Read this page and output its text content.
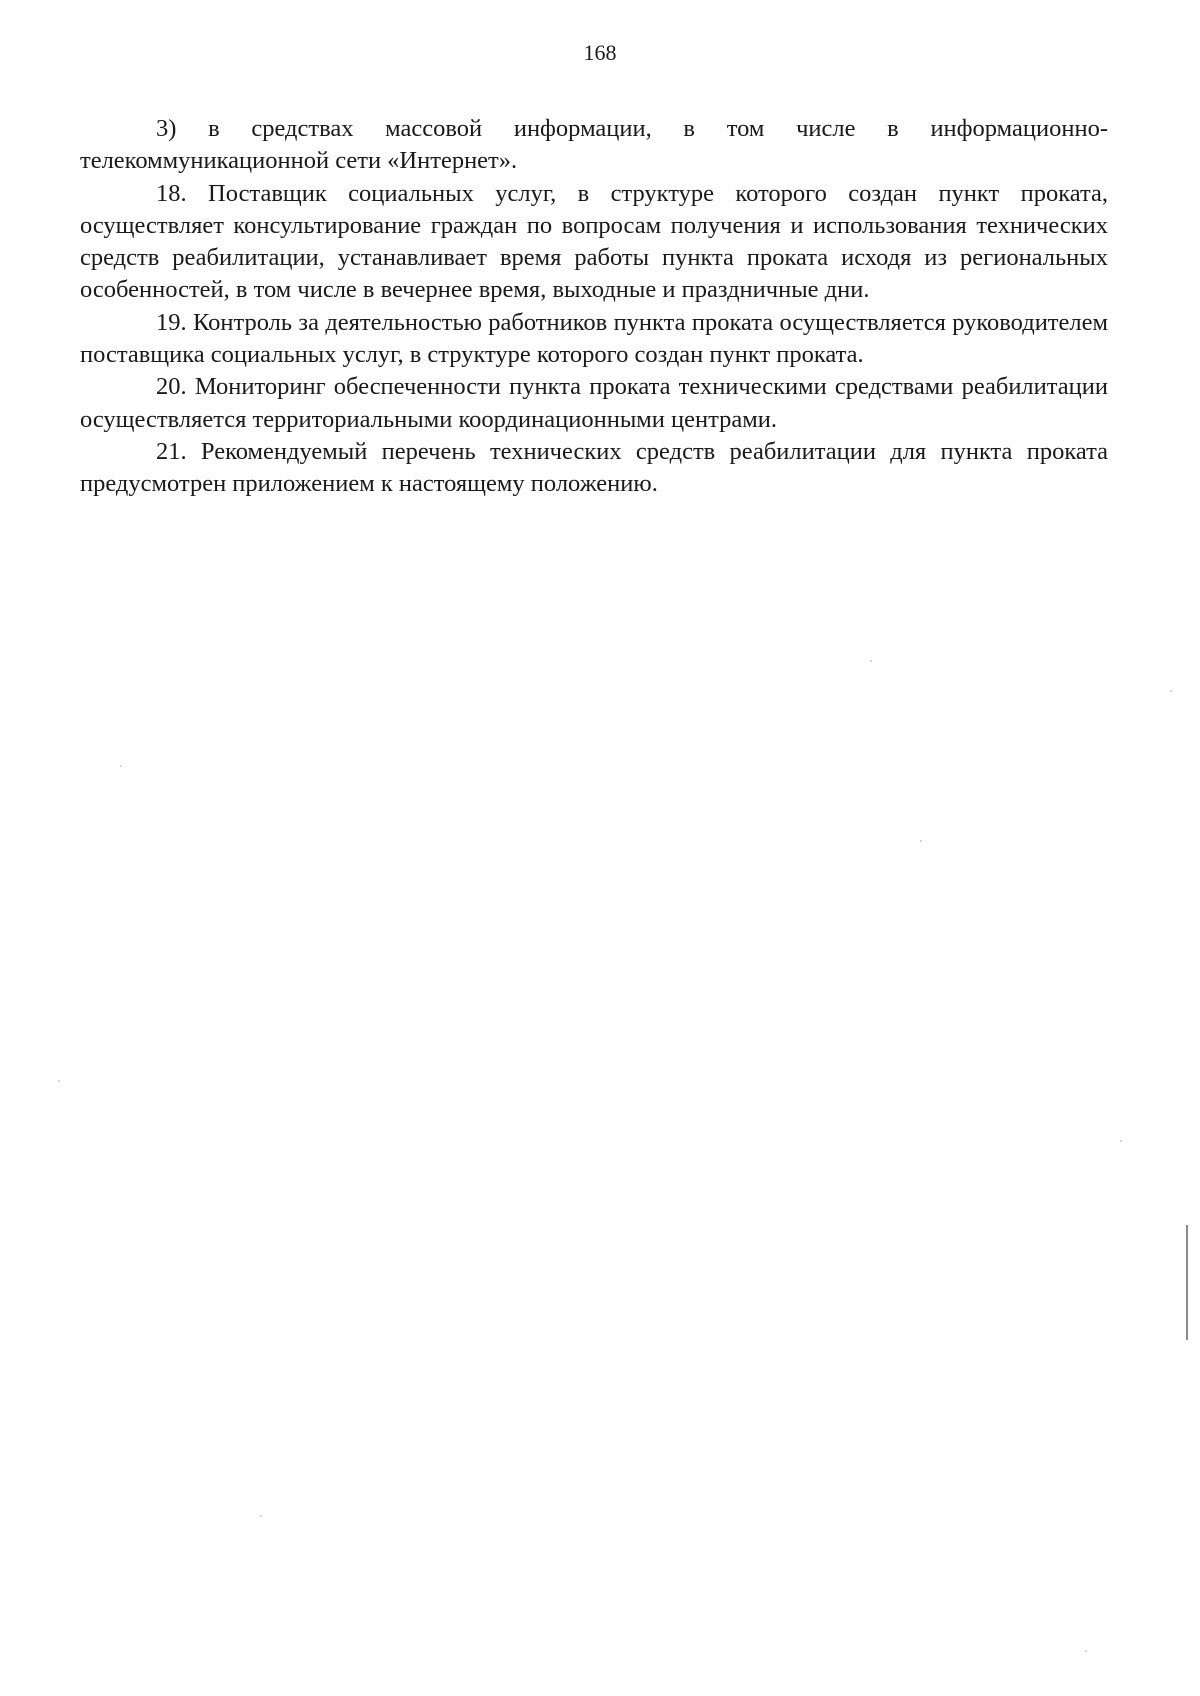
168

3) в средствах массовой информации, в том числе в информационно-телекоммуникационной сети «Интернет».

18. Поставщик социальных услуг, в структуре которого создан пункт проката, осуществляет консультирование граждан по вопросам получения и использования технических средств реабилитации, устанавливает время работы пункта проката исходя из региональных особенностей, в том числе в вечернее время, выходные и праздничные дни.

19. Контроль за деятельностью работников пункта проката осуществляется руководителем поставщика социальных услуг, в структуре которого создан пункт проката.

20. Мониторинг обеспеченности пункта проката техническими средствами реабилитации осуществляется территориальными координационными центрами.

21. Рекомендуемый перечень технических средств реабилитации для пункта проката предусмотрен приложением к настоящему положению.
